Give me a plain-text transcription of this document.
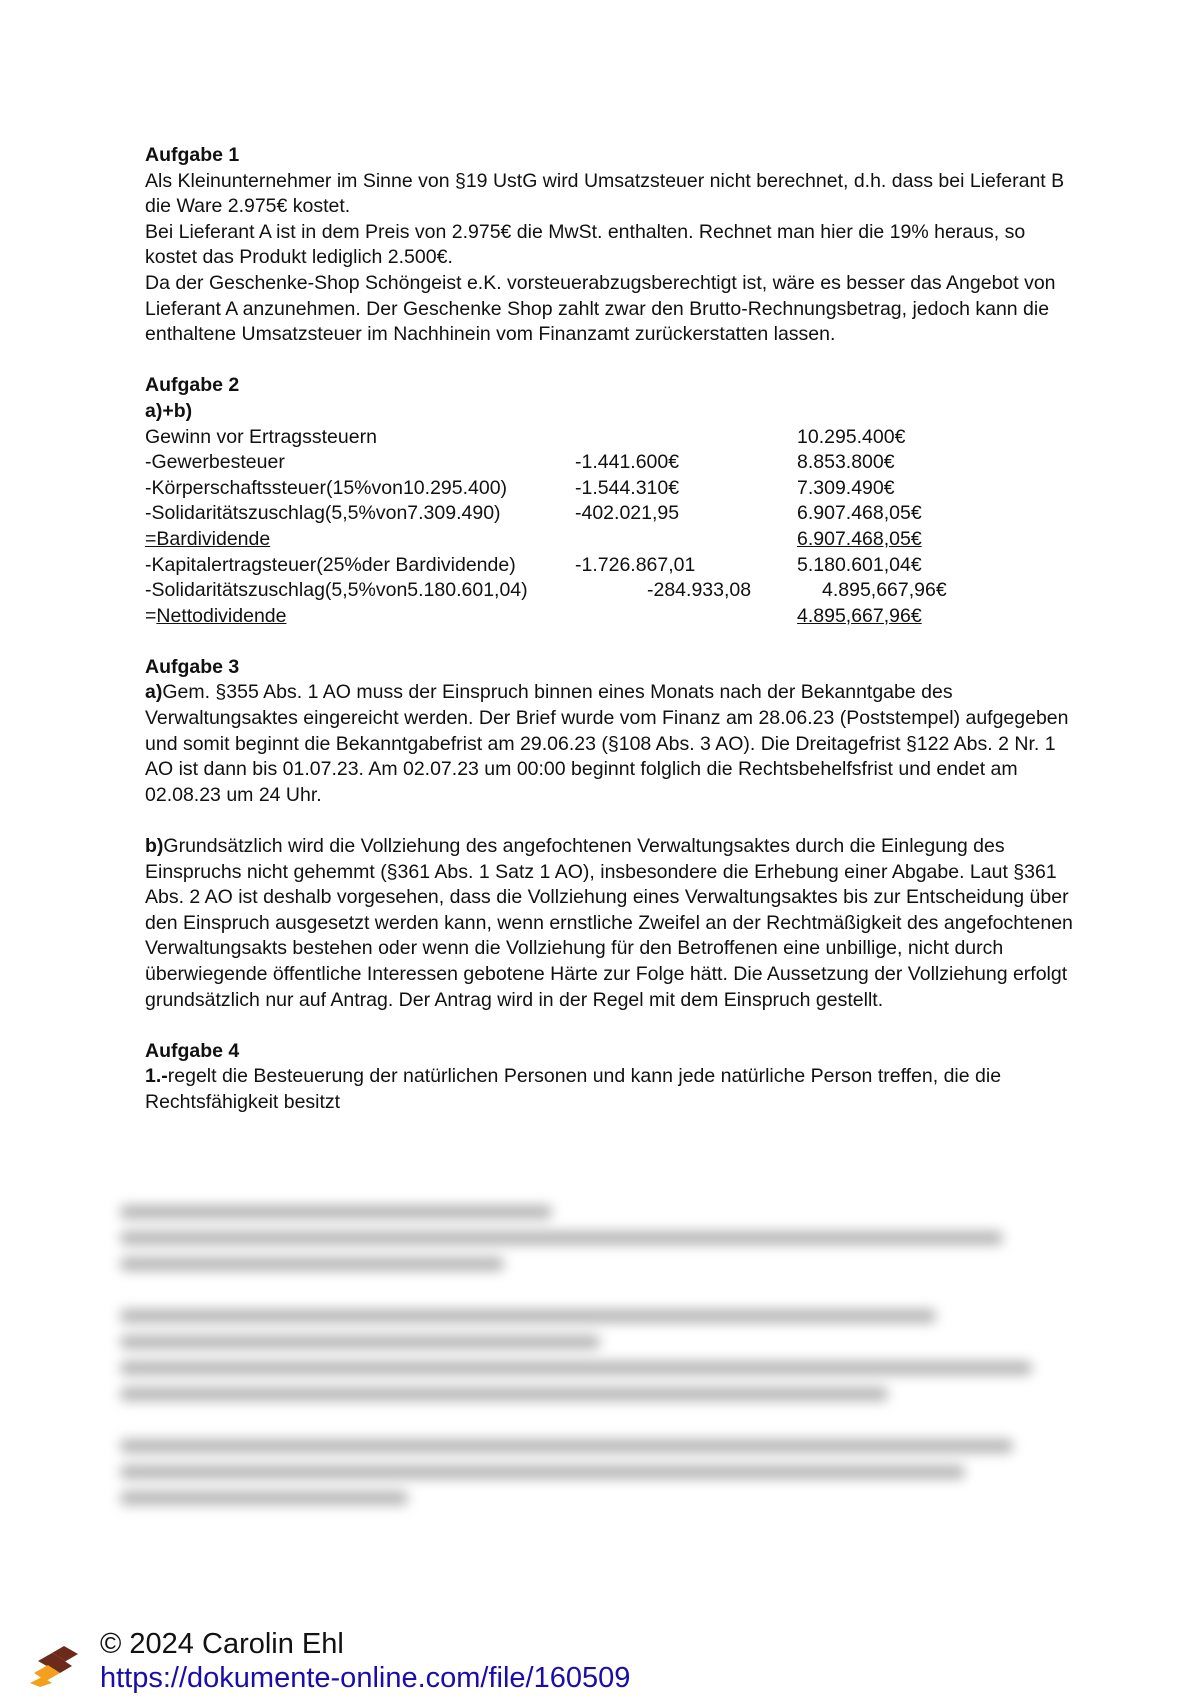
Aufgabe 1

Als Kleinunternehmer im Sinne von §19 UstG wird Umsatzsteuer nicht berechnet, d.h. dass bei Lieferant B die Ware 2.975€ kostet.

Bei Lieferant A ist in dem Preis von 2.975€ die MwSt. enthalten. Rechnet man hier die 19% heraus, so kostet das Produkt lediglich 2.500€.

Da der Geschenke-Shop Schöngeist e.K. vorsteuerabzugsberechtigt ist, wäre es besser das Angebot von Lieferant A anzunehmen. Der Geschenke Shop zahlt zwar den Brutto-Rechnungsbetrag, jedoch kann die enthaltene Umsatzsteuer im Nachhinein vom Finanzamt zurückerstatten lassen.

Aufgabe 2

a)+b)

Gewinn vor Ertragssteuern		10.295.400€
-Gewerbesteuer	-1.441.600€	8.853.800€
-Körperschaftssteuer(15%von10.295.400)	-1.544.310€	7.309.490€
-Solidaritätszuschlag(5,5%von7.309.490)	-402.021,95	6.907.468,05€
=Bardividende		6.907.468,05€
-Kapitalertragsteuer(25%der Bardividende)	-1.726.867,01	5.180.601,04€
-Solidaritätszuschlag(5,5%von5.180.601,04)	-284.933,08	4.895,667,96€
=Nettodividende		4.895,667,96€
Aufgabe 3

a)Gem. §355 Abs. 1 AO muss der Einspruch binnen eines Monats nach der Bekanntgabe des Verwaltungsaktes eingereicht werden. Der Brief wurde vom Finanz am 28.06.23 (Poststempel) aufgegeben und somit beginnt die Bekanntgabefrist am 29.06.23 (§108 Abs. 3 AO). Die Dreitagefrist §122 Abs. 2 Nr. 1 AO ist dann bis 01.07.23. Am 02.07.23 um 00:00 beginnt folglich die Rechtsbehelfsfrist und endet am 02.08.23 um 24 Uhr.

b)Grundsätzlich wird die Vollziehung des angefochtenen Verwaltungsaktes durch die Einlegung des Einspruchs nicht gehemmt (§361 Abs. 1 Satz 1 AO), insbesondere die Erhebung einer Abgabe. Laut §361 Abs. 2 AO ist deshalb vorgesehen, dass die Vollziehung eines Verwaltungsaktes bis zur Entscheidung über den Einspruch ausgesetzt werden kann, wenn ernstliche Zweifel an der Rechtmäßigkeit des angefochtenen Verwaltungsakts bestehen oder wenn die Vollziehung für den Betroffenen eine unbillige, nicht durch überwiegende öffentliche Interessen gebotene Härte zur Folge hätt. Die Aussetzung der Vollziehung erfolgt grundsätzlich nur auf Antrag. Der Antrag wird in der Regel mit dem Einspruch gestellt.

Aufgabe 4

1.-regelt die Besteuerung der natürlichen Personen und kann jede natürliche Person treffen, die die Rechtsfähigkeit besitzt

© 2024 Carolin Ehl
https://dokumente-online.com/file/160509
